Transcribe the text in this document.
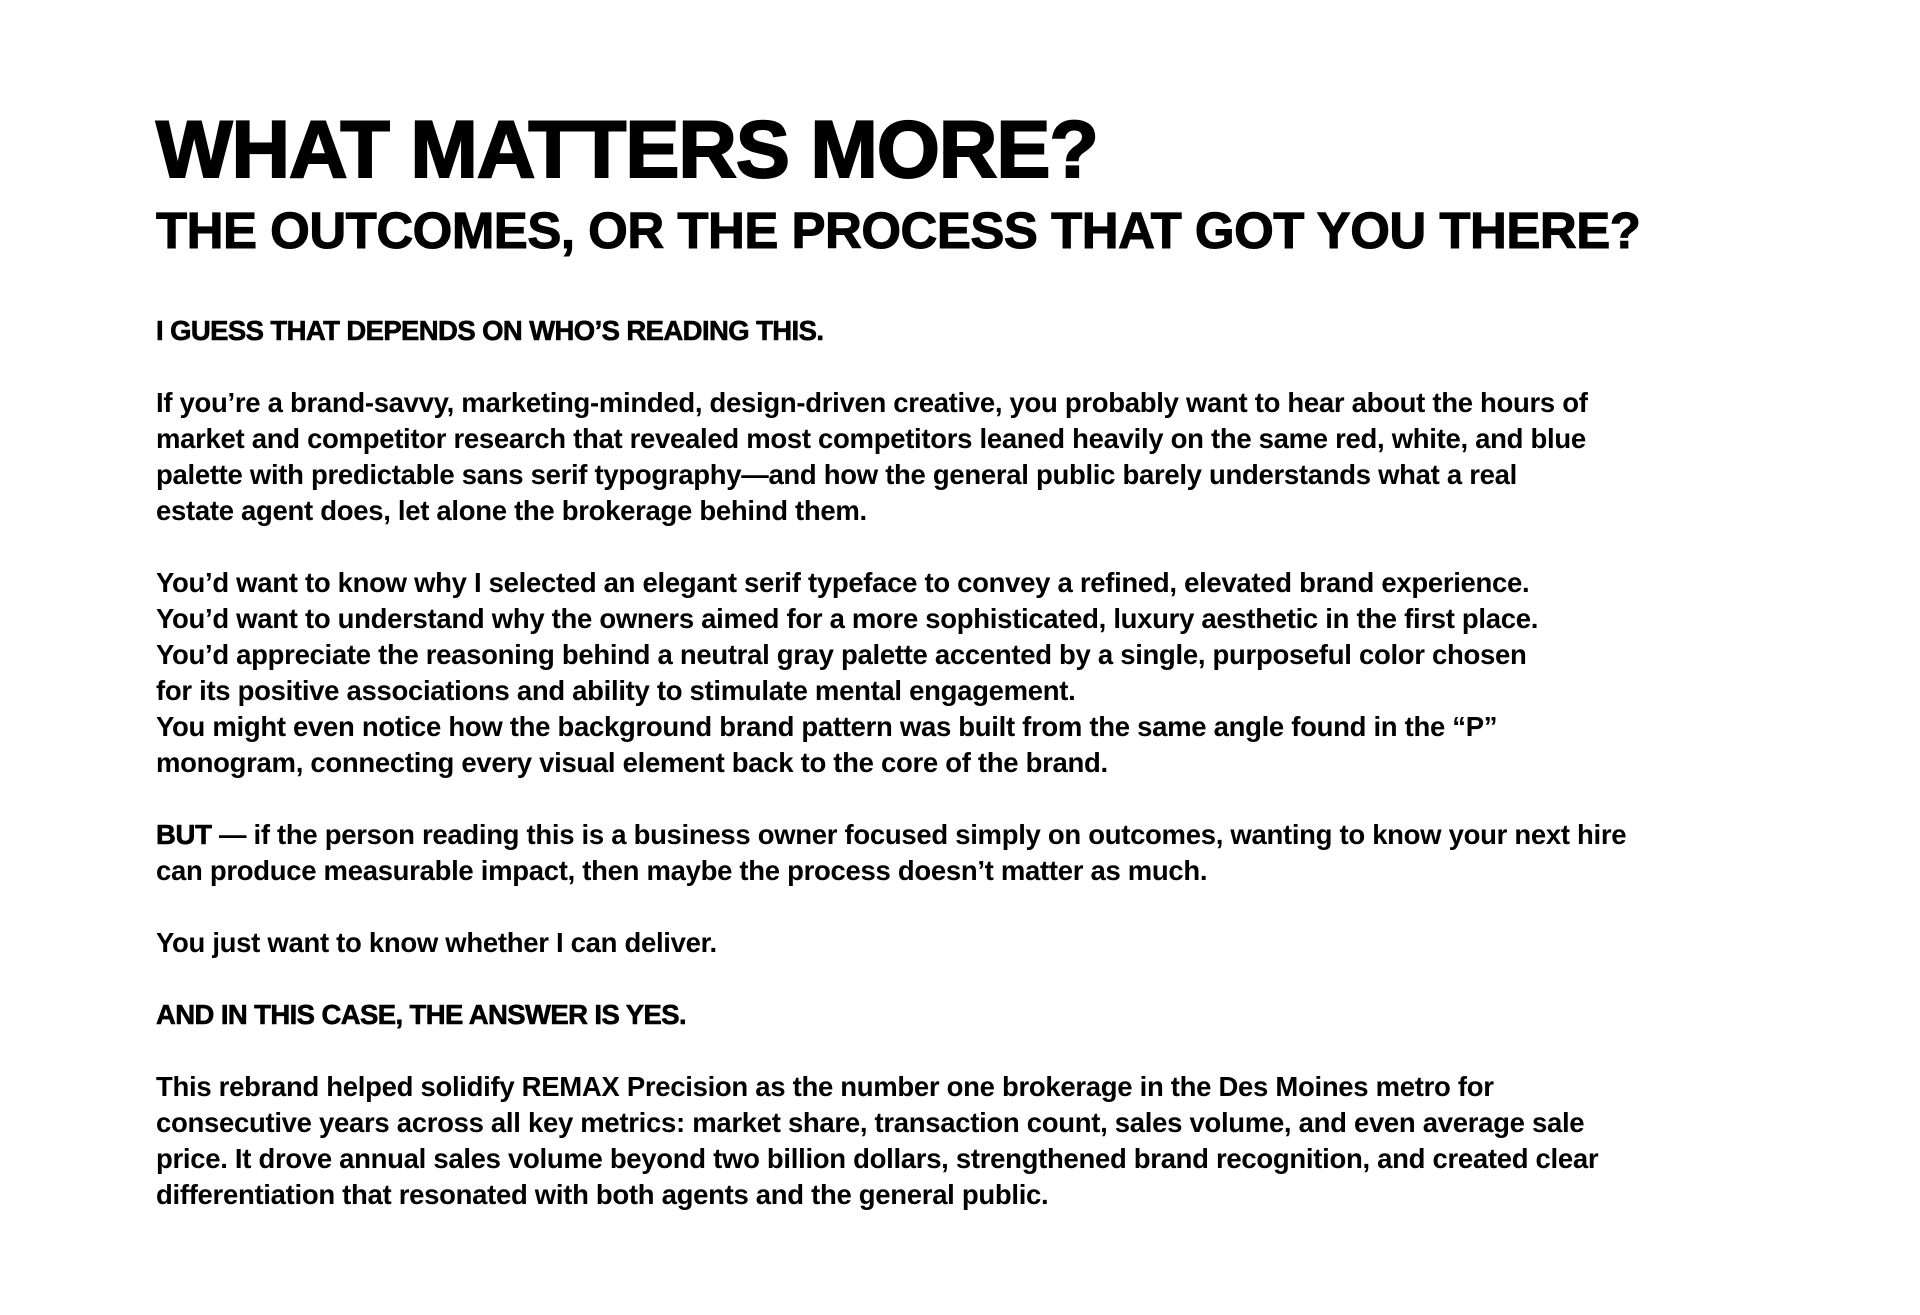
WHAT MATTERS MORE?
THE OUTCOMES, OR THE PROCESS THAT GOT YOU THERE?

I GUESS THAT DEPENDS ON WHO’S READING THIS.

If you’re a brand-savvy, marketing-minded, design-driven creative, you probably want to hear about the hours of
market and competitor research that revealed most competitors leaned heavily on the same red, white, and blue
palette with predictable sans serif typography—and how the general public barely understands what a real
estate agent does, let alone the brokerage behind them.

You’d want to know why I selected an elegant serif typeface to convey a refined, elevated brand experience.
You’d want to understand why the owners aimed for a more sophisticated, luxury aesthetic in the first place.
You’d appreciate the reasoning behind a neutral gray palette accented by a single, purposeful color chosen
for its positive associations and ability to stimulate mental engagement.
You might even notice how the background brand pattern was built from the same angle found in the “P”
monogram, connecting every visual element back to the core of the brand.

BUT — if the person reading this is a business owner focused simply on outcomes, wanting to know your next hire
can produce measurable impact, then maybe the process doesn’t matter as much.

You just want to know whether I can deliver.

AND IN THIS CASE, THE ANSWER IS YES.

This rebrand helped solidify REMAX Precision as the number one brokerage in the Des Moines metro for
consecutive years across all key metrics: market share, transaction count, sales volume, and even average sale
price. It drove annual sales volume beyond two billion dollars, strengthened brand recognition, and created clear
differentiation that resonated with both agents and the general public.
